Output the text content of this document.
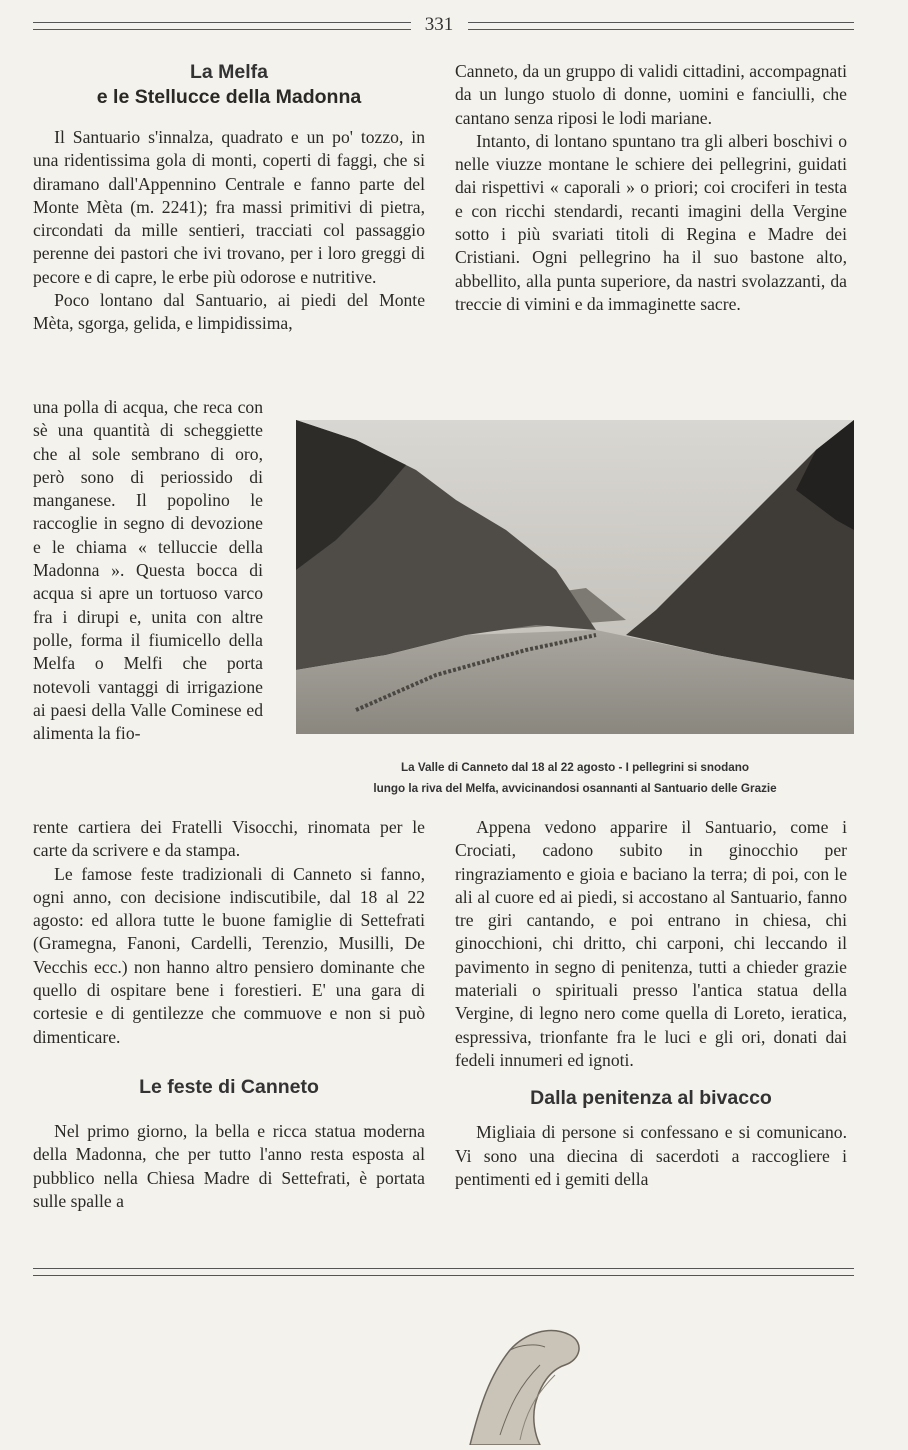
331
La Melfa
e le Stellucce della Madonna

Il Santuario s'innalza, quadrato e un po' tozzo, in una ridentissima gola di monti, coperti di faggi, che si diramano dall'Appennino Centrale e fanno parte del Monte Mèta (m. 2241); fra massi primitivi di pietra, circondati da mille sentieri, tracciati col passaggio perenne dei pastori che ivi trovano, per i loro greggi di pecore e di capre, le erbe più odorose e nutritive.

Poco lontano dal Santuario, ai piedi del Monte Mèta, sgorga, gelida, e limpidissima,

una polla di acqua, che reca con sè una quantità di scheggiette che al sole sembrano di oro, però sono di periossido di manganese. Il popolino le raccoglie in segno di devozione e le chiama « telluccie della Madonna ». Questa bocca di acqua si apre un tortuoso varco fra i dirupi e, unita con altre polle, forma il fiumicello della Melfa o Melfi che porta notevoli vantaggi di irrigazione ai paesi della Valle Cominese ed alimenta la fio-

La Valle di Canneto dal 18 al 22 agosto - I pellegrini si snodano
lungo la riva del Melfa, avvicinandosi osannanti al Santuario delle Grazie

rente cartiera dei Fratelli Visocchi, rinomata per le carte da scrivere e da stampa.

Le famose feste tradizionali di Canneto si fanno, ogni anno, con decisione indiscutibile, dal 18 al 22 agosto: ed allora tutte le buone famiglie di Settefrati (Gramegna, Fanoni, Cardelli, Terenzio, Musilli, De Vecchis ecc.) non hanno altro pensiero dominante che quello di ospitare bene i forestieri. E' una gara di cortesie e di gentilezze che commuove e non si può dimenticare.

Le feste di Canneto

Nel primo giorno, la bella e ricca statua moderna della Madonna, che per tutto l'anno resta esposta al pubblico nella Chiesa Madre di Settefrati, è portata sulle spalle a

Canneto, da un gruppo di validi cittadini, accompagnati da un lungo stuolo di donne, uomini e fanciulli, che cantano senza riposi le lodi mariane.

Intanto, di lontano spuntano tra gli alberi boschivi o nelle viuzze montane le schiere dei pellegrini, guidati dai rispettivi « caporali » o priori; coi crociferi in testa e con ricchi stendardi, recanti imagini della Vergine sotto i più svariati titoli di Regina e Madre dei Cristiani. Ogni pellegrino ha il suo bastone alto, abbellito, alla punta superiore, da nastri svolazzanti, da treccie di vimini e da immaginette sacre.

Appena vedono apparire il Santuario, come i Crociati, cadono subito in ginocchio per ringraziamento e gioia e baciano la terra; di poi, con le ali al cuore ed ai piedi, si accostano al Santuario, fanno tre giri cantando, e poi entrano in chiesa, chi ginocchioni, chi dritto, chi carponi, chi leccando il pavimento in segno di penitenza, tutti a chieder grazie materiali o spirituali presso l'antica statua della Vergine, di legno nero come quella di Loreto, ieratica, espressiva, trionfante fra le luci e gli ori, donati dai fedeli innumeri ed ignoti.

Dalla penitenza al bivacco

Migliaia di persone si confessano e si comunicano. Vi sono una diecina di sacerdoti a raccogliere i pentimenti ed i gemiti della
